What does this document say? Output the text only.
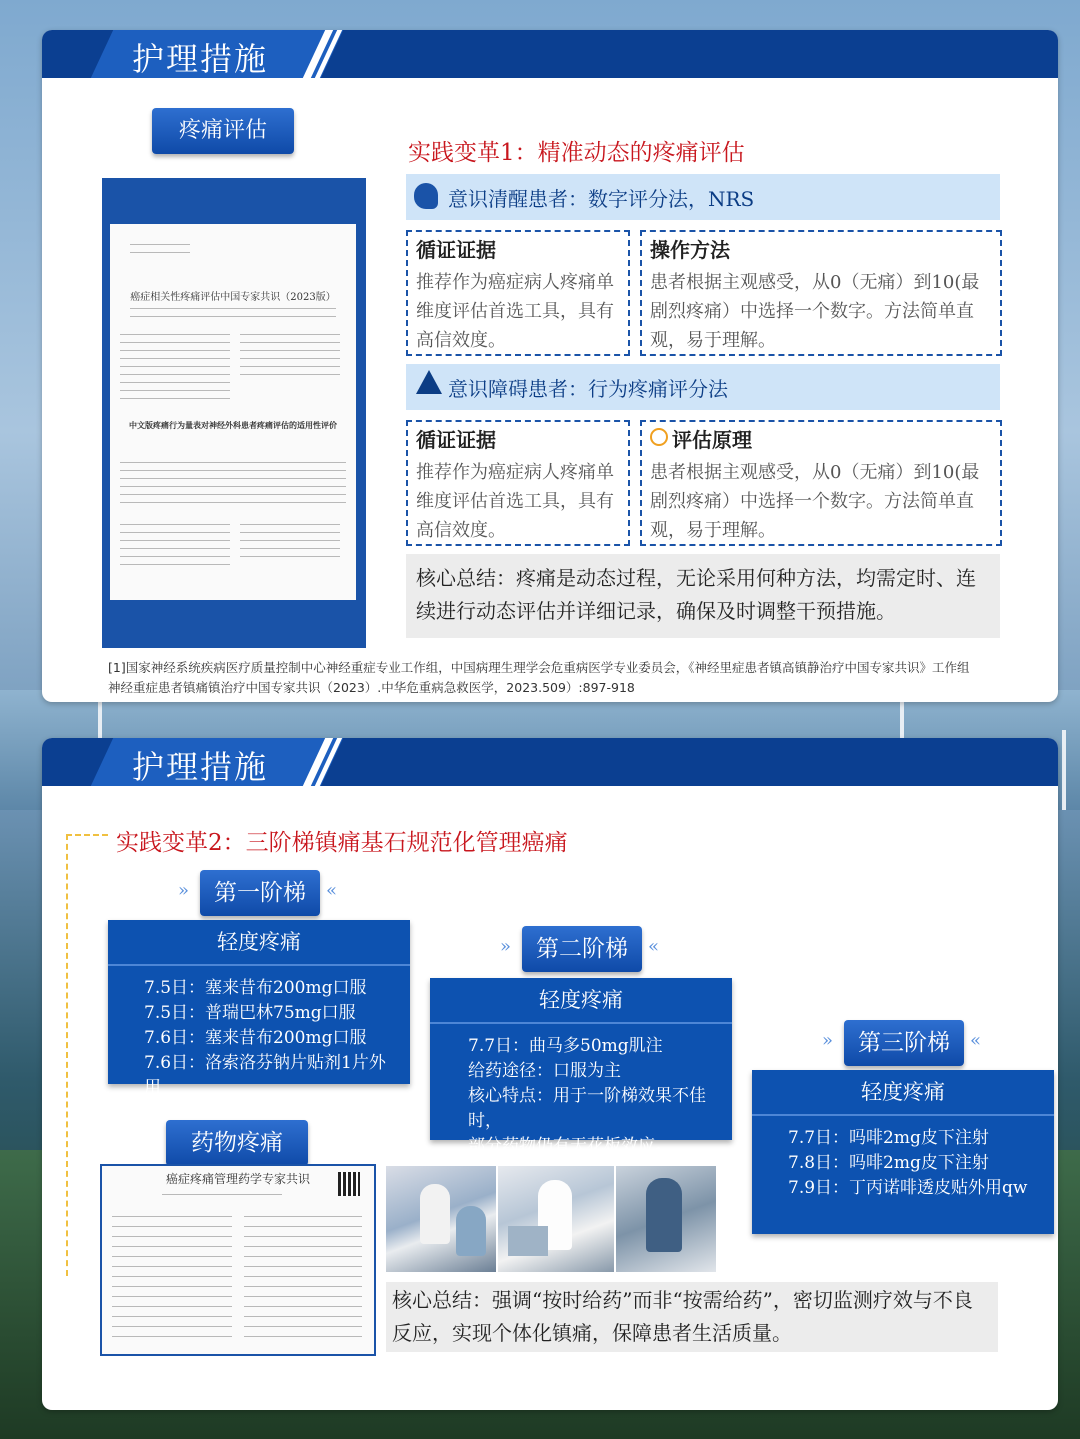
护理措施
疼痛评估
癌症相关性疼痛评估中国专家共识（2023版）
中文版疼痛行为量表对神经外科患者疼痛评估的适用性评价
实践变革1：精准动态的疼痛评估
意识清醒患者：数字评分法，NRS
循证证据
推荐作为癌症病人疼痛单维度评估首选工具，具有高信效度。
操作方法
患者根据主观感受，从0（无痛）到10(最剧烈疼痛）中选择一个数字。方法简单直观，易于理解。
意识障碍患者：行为疼痛评分法
循证证据
推荐作为癌症病人疼痛单维度评估首选工具，具有高信效度。
评估原理
患者根据主观感受，从0（无痛）到10(最剧烈疼痛）中选择一个数字。方法简单直观，易于理解。
核心总结：疼痛是动态过程，无论采用何种方法，均需定时、连续进行动态评估并详细记录，确保及时调整干预措施。
[1]国家神经系统疾病医疗质量控制中心神经重症专业工作组，中国病理生理学会危重病医学专业委员会，《神经里症患者镇高镇静治疗中国专家共识》工作组
神经重症患者镇痛镇治疗中国专家共识（2023）.中华危重病急救医学，2023.509）:897-918
护理措施
实践变革2：三阶梯镇痛基石规范化管理癌痛
»	第一阶梯	«
轻度疼痛
7.5日：塞来昔布200mg口服
7.5日：普瑞巴林75mg口服
7.6日：塞来昔布200mg口服
7.6日：洛索洛芬钠片贴剂1片外用
»	第二阶梯	«
轻度疼痛
7.7日：曲马多50mg肌注
给药途径：口服为主
核心特点：用于一阶梯效果不佳时，
部分药物仍有天花板效应。
»	第三阶梯	«
轻度疼痛
7.7日：吗啡2mg皮下注射
7.8日：吗啡2mg皮下注射
7.9日：丁丙诺啡透皮贴外用qw
药物疼痛
癌症疼痛管理药学专家共识
核心总结：强调“按时给药”而非“按需给药”，密切监测疗效与不良反应，实现个体化镇痛，保障患者生活质量。
